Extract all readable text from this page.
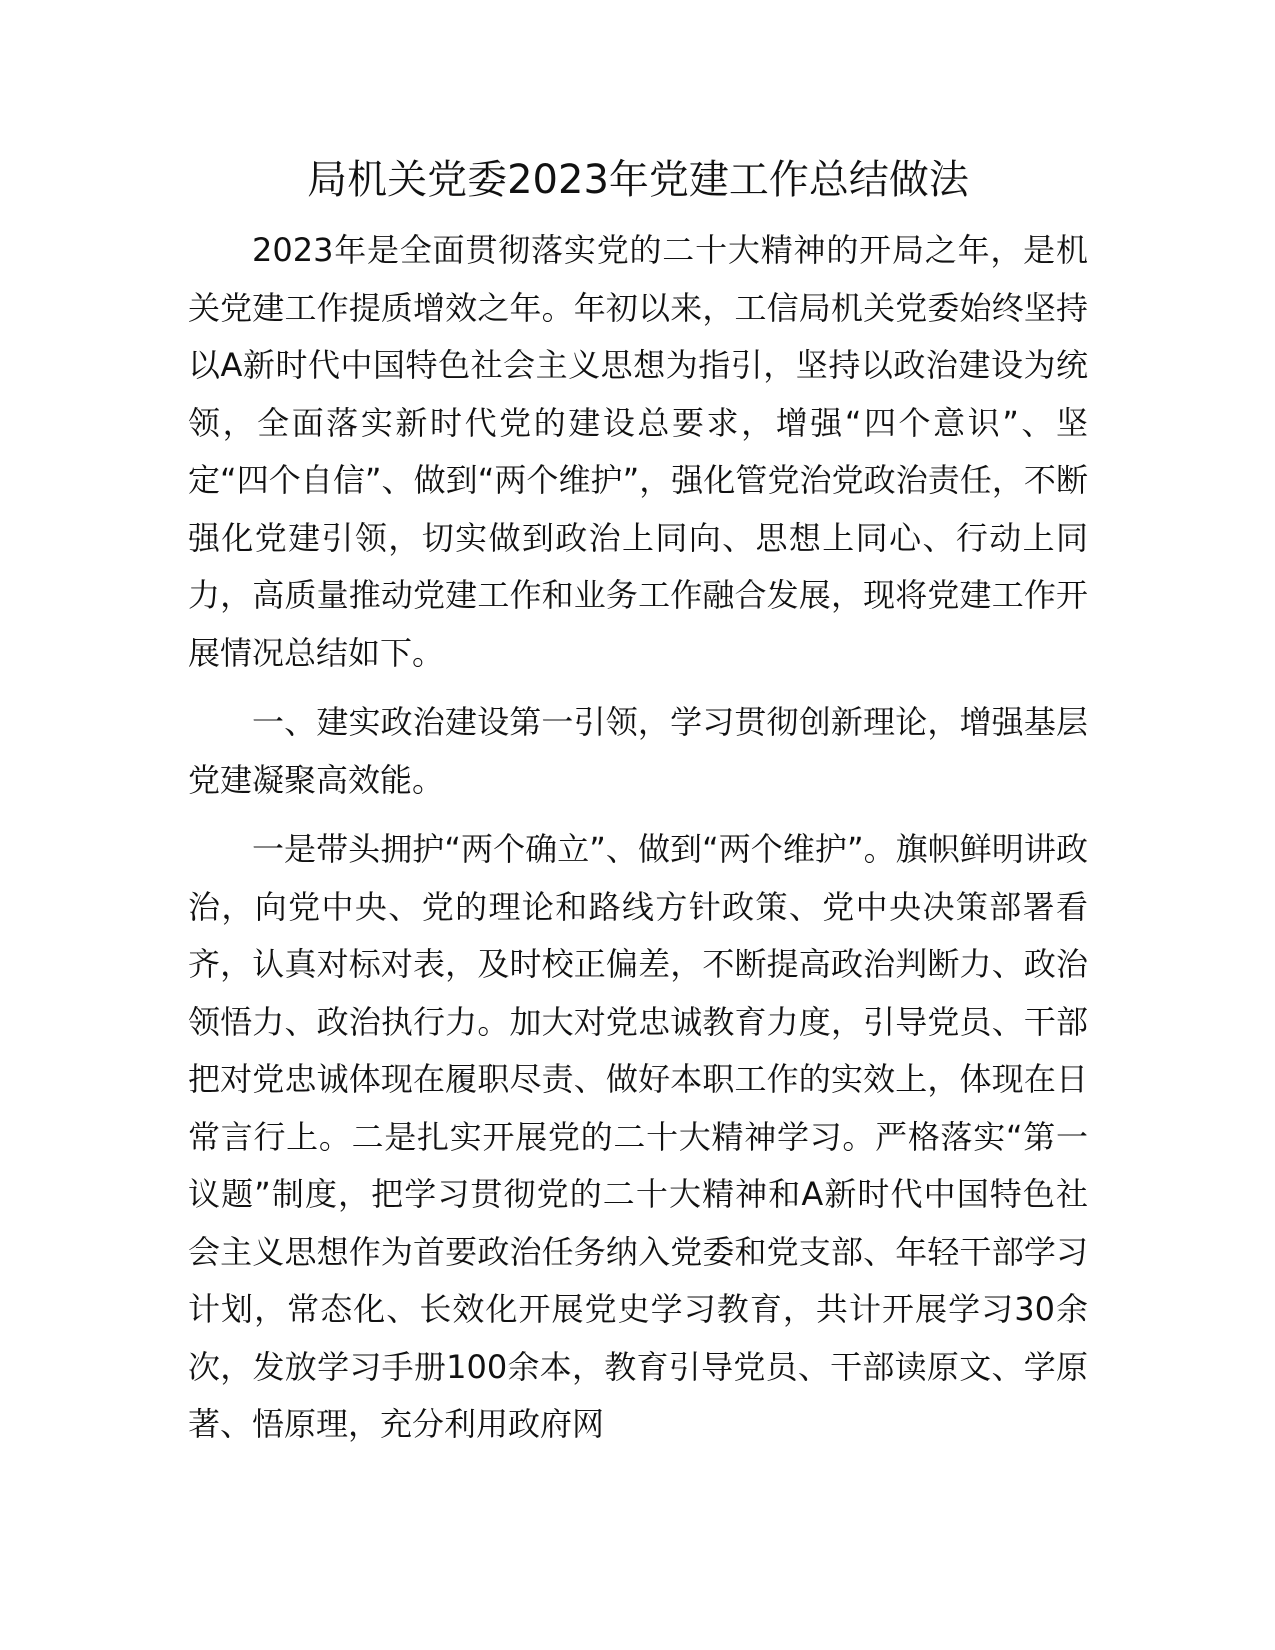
局机关党委2023年党建工作总结做法

2023年是全面贯彻落实党的二十大精神的开局之年，是机关党建工作提质增效之年。年初以来，工信局机关党委始终坚持以A新时代中国特色社会主义思想为指引，坚持以政治建设为统领，全面落实新时代党的建设总要求，增强“四个意识”、坚定“四个自信”、做到“两个维护”，强化管党治党政治责任，不断强化党建引领，切实做到政治上同向、思想上同心、行动上同力，高质量推动党建工作和业务工作融合发展，现将党建工作开展情况总结如下。

一、建实政治建设第一引领，学习贯彻创新理论，增强基层党建凝聚高效能。

一是带头拥护“两个确立”、做到“两个维护”。旗帜鲜明讲政治，向党中央、党的理论和路线方针政策、党中央决策部署看齐，认真对标对表，及时校正偏差，不断提高政治判断力、政治领悟力、政治执行力。加大对党忠诚教育力度，引导党员、干部把对党忠诚体现在履职尽责、做好本职工作的实效上，体现在日常言行上。二是扎实开展党的二十大精神学习。严格落实“第一议题”制度，把学习贯彻党的二十大精神和A新时代中国特色社会主义思想作为首要政治任务纳入党委和党支部、年轻干部学习计划，常态化、长效化开展党史学习教育，共计开展学习30余次，发放学习手册100余本，教育引导党员、干部读原文、学原著、悟原理，充分利用政府网
